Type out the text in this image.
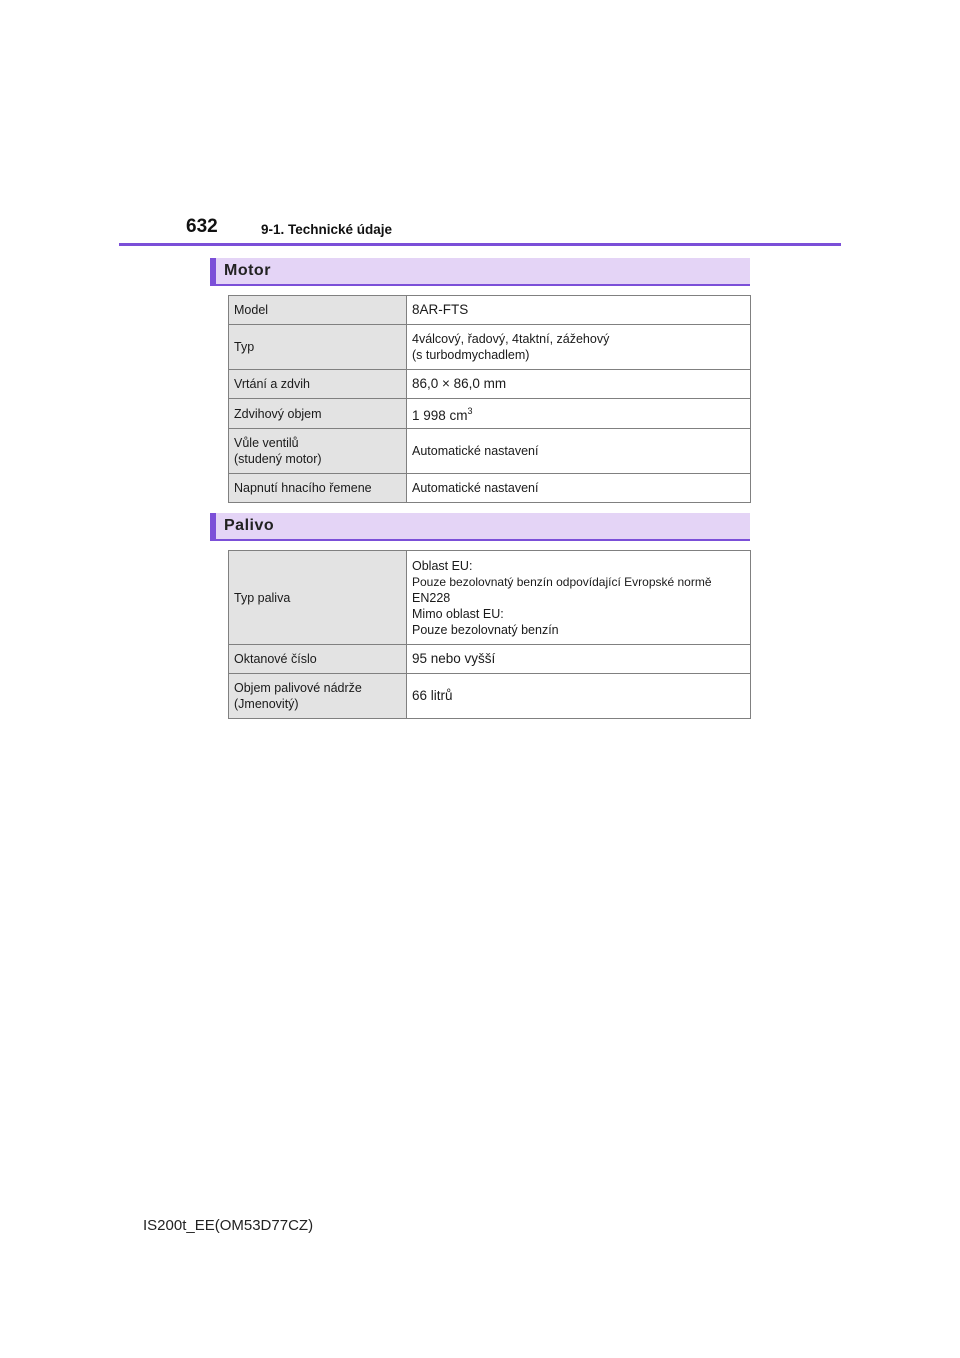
632	9-1. Technické údaje
Motor
Model	8AR-FTS
Typ	4válcový, řadový, 4taktní, zážehový
(s turbodmychadlem)

Vrtání a zdvih	86,0 × 86,0 mm
Zdvihový objem	1 998 $cm^3$

Vůle ventilů
(studený motor)	Automatické nastavení
Napnutí hnacího řemene	Automatické nastavení
Palivo
Typ paliva	Oblast EU:
Pouze bezolovnatý benzín odpovídající Evropské normě
EN228
Mimo oblast EU:
Pouze bezolovnatý benzín

Oktanové číslo	95 nebo vyšší

Objem palivové nádrže
(Jmenovitý)	66 litrů
IS200t_EE(OM53D77CZ)
